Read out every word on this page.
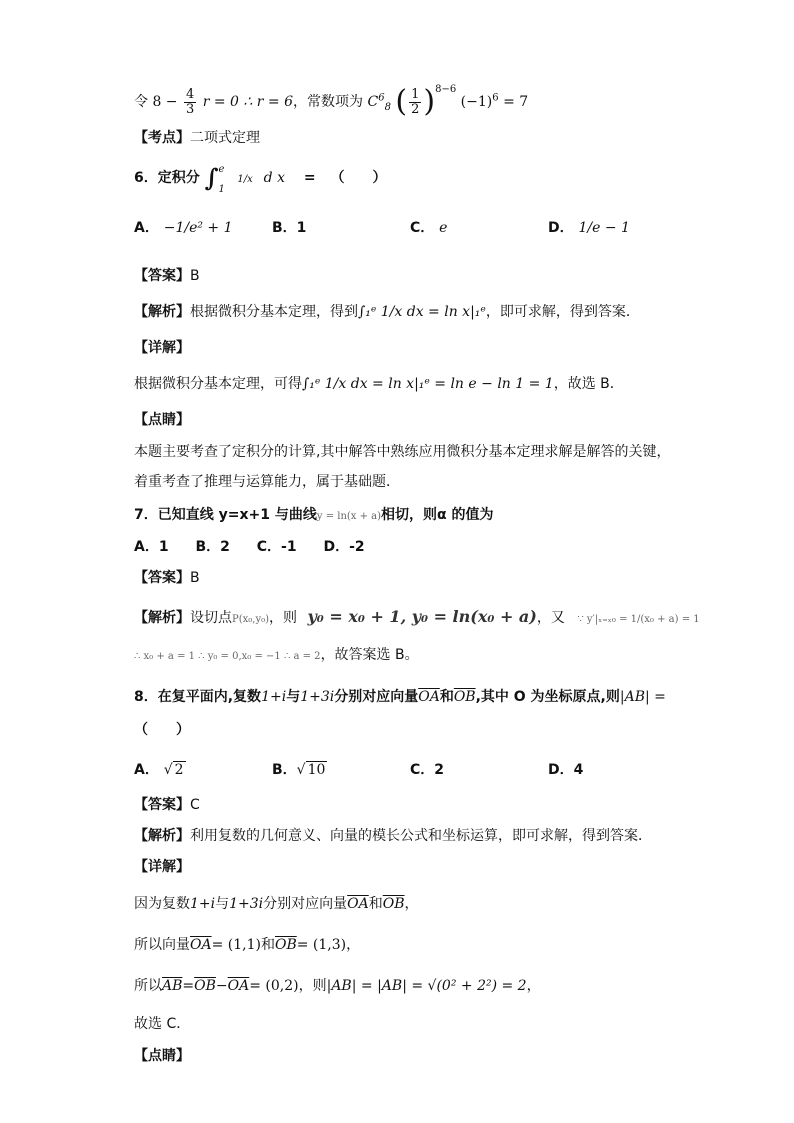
令 $8 - \frac{4}{3}$ r = 0 ∴ r = 6，常数项为 $C^6_8$ ( $\frac{1}{2} )^{8-6}$ $(-1)^6 = 7$
【考点】二项式定理
6．定积分 ∫ e
1
1/x d x = （　　）
A． −1/e² + 1	B．1	C． e	D． 1/e − 1
【答案】B
【解析】根据微积分基本定理，得到∫₁ᵉ 1/x dx = ln x|₁ᵉ，即可求解，得到答案．
【详解】
根据微积分基本定理，可得∫₁ᵉ 1/x dx = ln x|₁ᵉ = ln e − ln 1 = 1，故选 B．
【点睛】
本题主要考查了定积分的计算,其中解答中熟练应用微积分基本定理求解是解答的关键，
着重考查了推理与运算能力，属于基础题．
7．已知直线 y=x+1 与曲线y = ln(x + a)相切，则α 的值为
A．1 B．2 C．-1 D．-2
【答案】B
【解析】设切点P(x₀,y₀)，则 y₀ = x₀ + 1, y₀ = ln(x₀ + a)，又 ∵ y′|ₓ₌ₓ₀ = 1/(x₀ + a) = 1
∴ x₀ + a = 1 ∴ y₀ = 0,x₀ = −1 ∴ a = 2，故答案选 B。
8．在复平面内,复数1+i与1+3i分别对应向量$\overline{OA}$和$\overline{OB}$,其中 O 为坐标原点,则|AB| =
（　　）
A． √ 2	B．√ 10	C．2	D．4
【答案】C
【解析】利用复数的几何意义、向量的模长公式和坐标运算，即可求解，得到答案．
【详解】
因为复数1+i与1+3i分别对应向量$\overline{OA}$和$\overline{OB}$，
所以向量$\overline{OA}= (1,1)$和$\overline{OB}= (1,3)$，
所以$\overline{AB}=\overline{OB}-\overline{OA}= (0,2)$，则|AB| = |AB| = √(0² + 2²) = 2，
故选 C．
【点睛】
